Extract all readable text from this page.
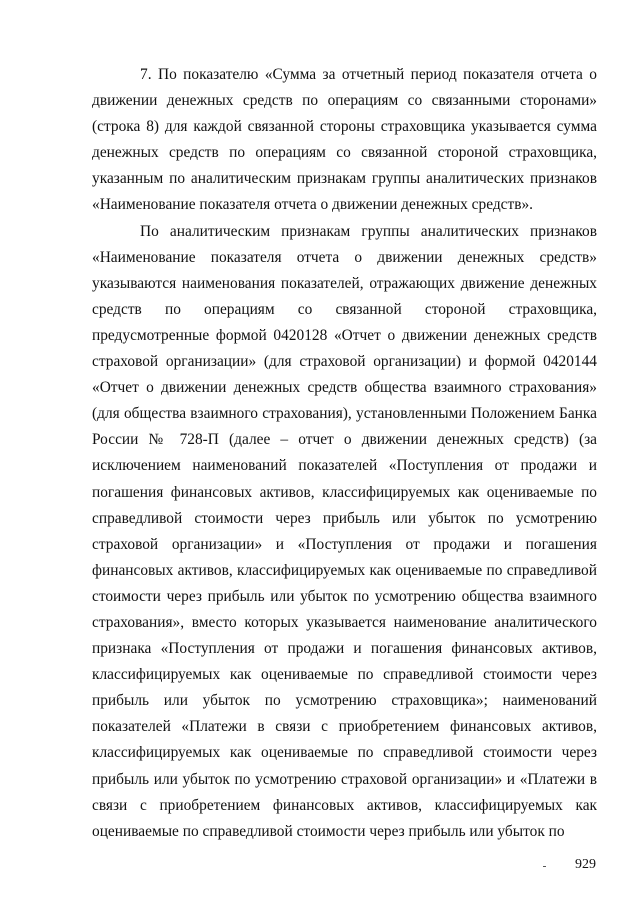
7. По показателю «Сумма за отчетный период показателя отчета о движении денежных средств по операциям со связанными сторонами» (строка 8) для каждой связанной стороны страховщика указывается сумма денежных средств по операциям со связанной стороной страховщика, указанным по аналитическим признакам группы аналитических признаков «Наименование показателя отчета о движении денежных средств».

По аналитическим признакам группы аналитических признаков «Наименование показателя отчета о движении денежных средств» указываются наименования показателей, отражающих движение денежных средств по операциям со связанной стороной страховщика, предусмотренные формой 0420128 «Отчет о движении денежных средств страховой организации» (для страховой организации) и формой 0420144 «Отчет о движении денежных средств общества взаимного страхования» (для общества взаимного страхования), установленными Положением Банка России № 728-П (далее – отчет о движении денежных средств) (за исключением наименований показателей «Поступления от продажи и погашения финансовых активов, классифицируемых как оцениваемые по справедливой стоимости через прибыль или убыток по усмотрению страховой организации» и «Поступления от продажи и погашения финансовых активов, классифицируемых как оцениваемые по справедливой стоимости через прибыль или убыток по усмотрению общества взаимного страхования», вместо которых указывается наименование аналитического признака «Поступления от продажи и погашения финансовых активов, классифицируемых как оцениваемые по справедливой стоимости через прибыль или убыток по усмотрению страховщика»; наименований показателей «Платежи в связи с приобретением финансовых активов, классифицируемых как оцениваемые по справедливой стоимости через прибыль или убыток по усмотрению страховой организации» и «Платежи в связи с приобретением финансовых активов, классифицируемых как оцениваемые по справедливой стоимости через прибыль или убыток по

929
